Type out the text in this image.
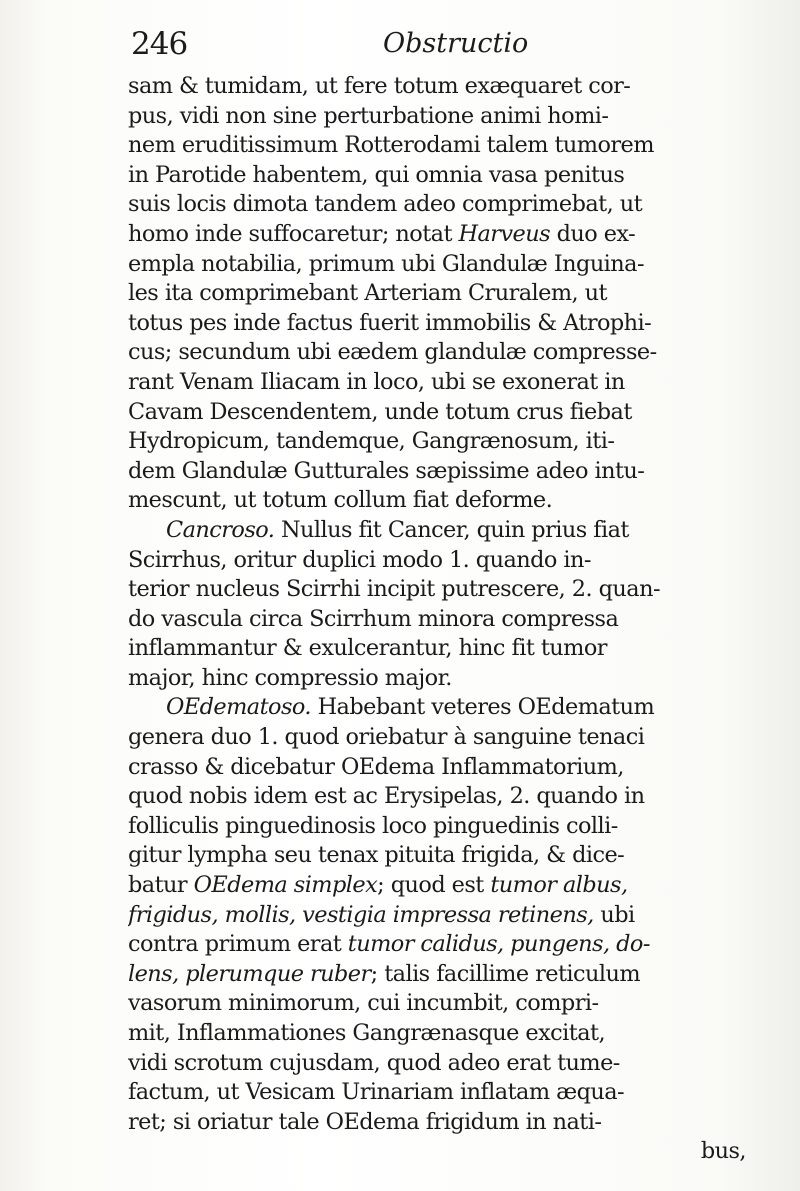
246	Obstructio
sam & tumidam, ut fere totum exæquaret cor-
pus, vidi non sine perturbatione animi homi-
nem eruditissimum Rotterodami talem tumorem
in Parotide habentem, qui omnia vasa penitus
suis locis dimota tandem adeo comprimebat, ut
homo inde suffocaretur; notat Harveus duo ex-
empla notabilia, primum ubi Glandulæ Inguina-
les ita comprimebant Arteriam Cruralem, ut
totus pes inde factus fuerit immobilis & Atrophi-
cus; secundum ubi eædem glandulæ compresse-
rant Venam Iliacam in loco, ubi se exonerat in
Cavam Descendentem, unde totum crus fiebat
Hydropicum, tandemque, Gangrænosum, iti-
dem Glandulæ Gutturales sæpissime adeo intu-
mescunt, ut totum collum fiat deforme.
Cancroso. Nullus fit Cancer, quin prius fiat
Scirrhus, oritur duplici modo 1. quando in-
terior nucleus Scirrhi incipit putrescere, 2. quan-
do vascula circa Scirrhum minora compressa
inflammantur & exulcerantur, hinc fit tumor
major, hinc compressio major.
OEdematoso. Habebant veteres OEdematum
genera duo 1. quod oriebatur à sanguine tenaci
crasso & dicebatur OEdema Inflammatorium,
quod nobis idem est ac Erysipelas, 2. quando in
folliculis pinguedinosis loco pinguedinis colli-
gitur lympha seu tenax pituita frigida, & dice-
batur OEdema simplex; quod est tumor albus,
frigidus, mollis, vestigia impressa retinens, ubi
contra primum erat tumor calidus, pungens, do-
lens, plerumque ruber; talis facillime reticulum
vasorum minimorum, cui incumbit, compri-
mit, Inflammationes Gangrænasque excitat,
vidi scrotum cujusdam, quod adeo erat tume-
factum, ut Vesicam Urinariam inflatam æqua-
ret; si oriatur tale OEdema frigidum in nati-
bus,
